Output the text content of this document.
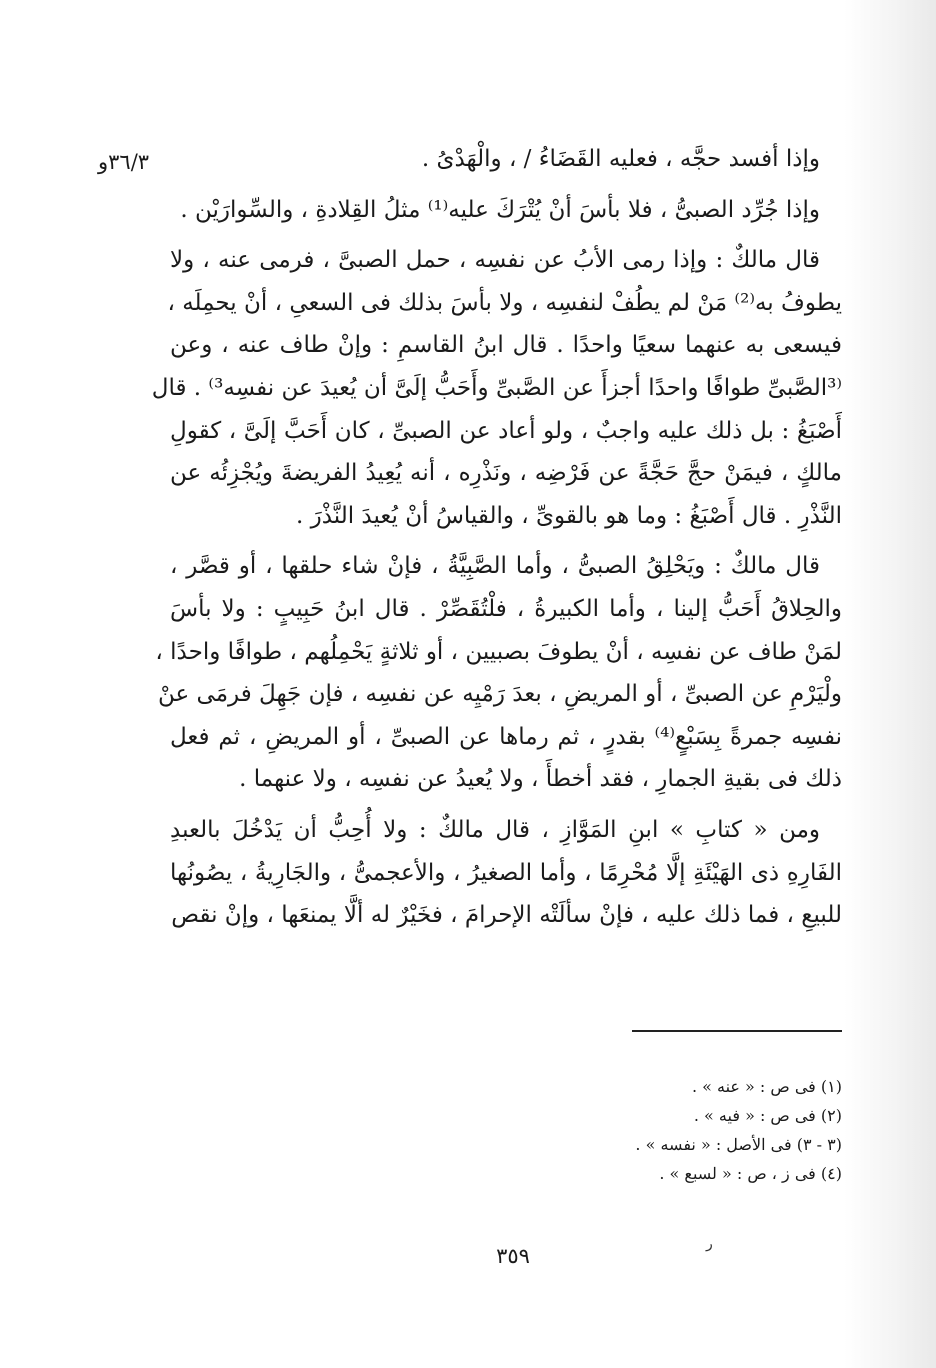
٣٦/٣و	وإذا أفسد حجَّه ، فعليه القَضَاءُ / ، والْهَدْىُ .
وإذا جُرِّد الصبىُّ ، فلا بأسَ أنْ يُتْرَكَ عليه⁽¹⁾ مثلُ القِلادةِ ، والسِّوارَيْن .
قال مالكٌ : وإذا رمى الأبُ عن نفسِه ، حمل الصبىَّ ، فرمى عنه ، ولا
يطوفُ به⁽²⁾ مَنْ لم يطُفْ لنفسِه ، ولا بأسَ بذلك فى السعىِ ، أنْ يحمِلَه ،
فيسعى به عنهما سعيًا واحدًا . قال ابنُ القاسمِ : وإنْ طاف عنه ، وعن
⁽³الصَّبىِّ طوافًا واحدًا أجزأَ عن الصَّبىِّ وأَحَبُّ إلَىَّ أن يُعيدَ عن نفسِه³⁾ . قال
أَصْبَغُ : بل ذلك عليه واجبٌ ، ولو أعاد عن الصبىِّ ، كان أَحَبَّ إلَىَّ ، كقولِ
مالكٍ ، فيمَنْ حجَّ حَجَّةً عن فَرْضِه ، ونَذْرِه ، أنه يُعِيدُ الفريضةَ ويُجْزِئُه عن
النَّذْرِ . قال أَصْبَغُ : وما هو بالقوىِّ ، والقياسُ أنْ يُعيدَ النَّذْرَ .
قال مالكٌ : ويَحْلِقُ الصبىُّ ، وأما الصَّبِيَّةُ ، فإنْ شاء حلقها ، أو قصَّر ،
والحِلاقُ أَحَبُّ إلينا ، وأما الكبيرةُ ، فلْتُقَصِّرْ . قال ابنُ حَبِيبٍ : ولا بأسَ
لمَنْ طاف عن نفسِه ، أنْ يطوفَ بصبيين ، أو ثلاثةٍ يَحْمِلُهم ، طوافًا واحدًا ،
ولْيَرْمِ عن الصبىِّ ، أو المريضِ ، بعدَ رَمْيِه عن نفسِه ، فإن جَهِلَ فرمَى عنْ
نفسِه جمرةً بِسَبْعٍ⁽⁴⁾ بقدرٍ ، ثم رماها عن الصبىِّ ، أو المريضِ ، ثم فعل
ذلك فى بقيةِ الجمارِ ، فقد أخطأَ ، ولا يُعيدُ عن نفسِه ، ولا عنهما .
ومن « كتابِ » ابنِ المَوَّازِ ، قال مالكٌ : ولا أُحِبُّ أن يَدْخُلَ بالعبدِ
الفَارِهِ ذى الهَيْئَةِ إلَّا مُحْرِمًا ، وأما الصغيرُ ، والأعجمىُّ ، والجَارِيةُ ، يصُونُها
للبيعِ ، فما ذلك عليه ، فإنْ سألَتْه الإحرامَ ، فخَيْرٌ له ألَّا يمنعَها ، وإنْ نقص
(١) فى ص : « عنه » .
(٢) فى ص : « فيه » .
(٣ - ٣) فى الأصل : « نفسه » .
(٤) فى ز ، ص : « لسبع » .
٣٥٩	ر
